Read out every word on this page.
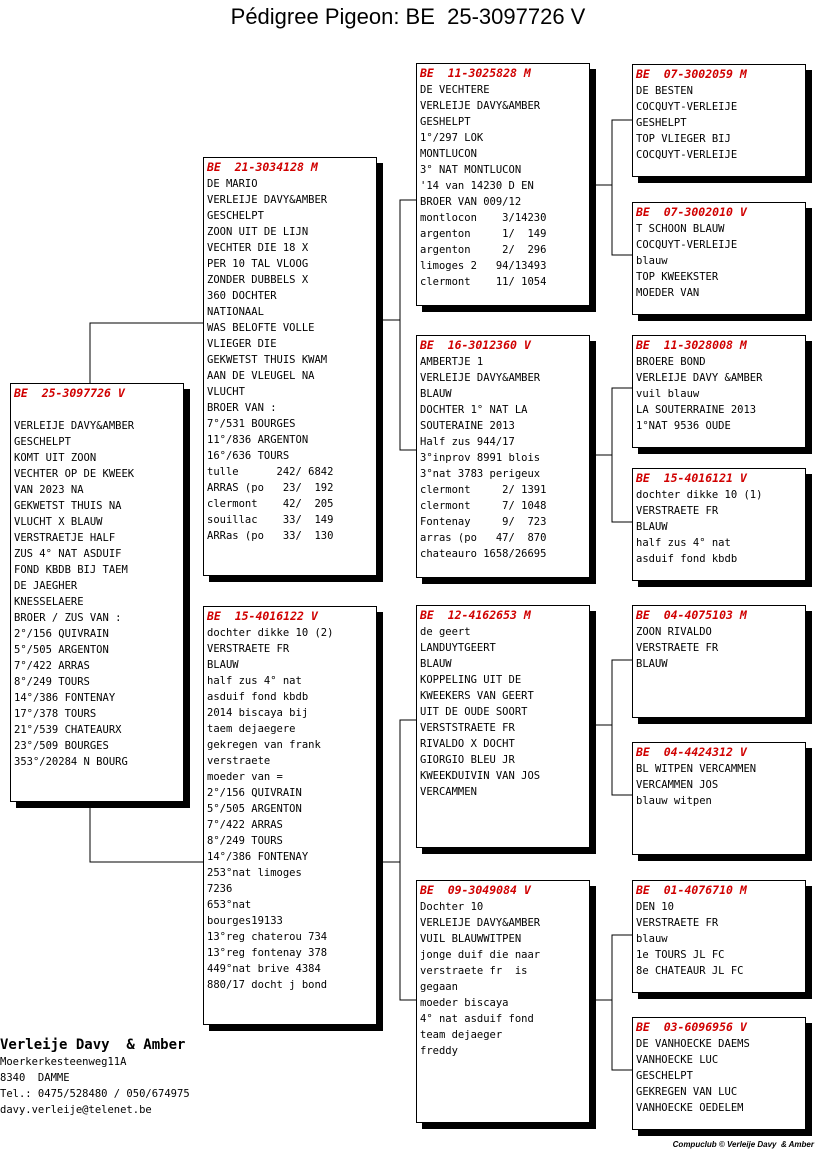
Pédigree Pigeon: BE  25-3097726 V
BE  25-3097726 V
VERLEIJE DAVY&AMBER
GESCHELPT
KOMT UIT ZOON
VECHTER OP DE KWEEK
VAN 2023 NA
GEKWETST THUIS NA
VLUCHT X BLAUW
VERSTRAETJE HALF
ZUS 4° NAT ASDUIF
FOND KBDB BIJ TAEM
DE JAEGHER
KNESSELAERE
BROER / ZUS VAN :
2°/156 QUIVRAIN
5°/505 ARGENTON
7°/422 ARRAS
8°/249 TOURS
14°/386 FONTENAY
17°/378 TOURS
21°/539 CHATEAURX
23°/509 BOURGES
353°/20284 N BOURG
BE  21-3034128 M
DE MARIO
VERLEIJE DAVY&AMBER
GESCHELPT
ZOON UIT DE LIJN
VECHTER DIE 18 X
PER 10 TAL VLOOG
ZONDER DUBBELS X
360 DOCHTER
NATIONAAL
WAS BELOFTE VOLLE
VLIEGER DIE
GEKWETST THUIS KWAM
AAN DE VLEUGEL NA
VLUCHT
BROER VAN :
7°/531 BOURGES
11°/836 ARGENTON
16°/636 TOURS
tulle      242/ 6842
ARRAS (po   23/  192
clermont    42/  205
souillac    33/  149
ARRas (po   33/  130
BE  15-4016122 V
dochter dikke 10 (2)
VERSTRAETE FR
BLAUW
half zus 4° nat
asduif fond kbdb
2014 biscaya bij
taem dejaegere
gekregen van frank
verstraete
moeder van =
2°/156 QUIVRAIN
5°/505 ARGENTON
7°/422 ARRAS
8°/249 TOURS
14°/386 FONTENAY
253°nat limoges
7236
653°nat
bourges19133
13°reg chaterou 734
13°reg fontenay 378
449°nat brive 4384
880/17 docht j bond
BE  11-3025828 M
DE VECHTERE
VERLEIJE DAVY&AMBER
GESHELPT
1°/297 LOK
MONTLUCON
3° NAT MONTLUCON
'14 van 14230 D EN
BROER VAN 009/12
montlocon    3/14230
argenton     1/  149
argenton     2/  296
limoges 2   94/13493
clermont    11/ 1054
BE  16-3012360 V
AMBERTJE 1
VERLEIJE DAVY&AMBER
BLAUW
DOCHTER 1° NAT LA
SOUTERAINE 2013
Half zus 944/17
3°inprov 8991 blois
3°nat 3783 perigeux
clermont     2/ 1391
clermont     7/ 1048
Fontenay     9/  723
arras (po   47/  870
chateauro 1658/26695
BE  12-4162653 M
de geert
LANDUYTGEERT
BLAUW
KOPPELING UIT DE
KWEEKERS VAN GEERT
UIT DE OUDE SOORT
VERSTSTRAETE FR
RIVALDO X DOCHT
GIORGIO BLEU JR
KWEEKDUIVIN VAN JOS
VERCAMMEN
BE  09-3049084 V
Dochter 10
VERLEIJE DAVY&AMBER
VUIL BLAUWWITPEN
jonge duif die naar
verstraete fr  is
gegaan
moeder biscaya
4° nat asduif fond
team dejaeger
freddy
BE  07-3002059 M
DE BESTEN
COCQUYT-VERLEIJE
GESHELPT
TOP VLIEGER BIJ
COCQUYT-VERLEIJE
BE  07-3002010 V
T SCHOON BLAUW
COCQUYT-VERLEIJE
blauw
TOP KWEEKSTER
MOEDER VAN
BE  11-3028008 M
BROERE BOND
VERLEIJE DAVY &AMBER
vuil blauw
LA SOUTERRAINE 2013
1°NAT 9536 OUDE
BE  15-4016121 V
dochter dikke 10 (1)
VERSTRAETE FR
BLAUW
half zus 4° nat
asduif fond kbdb
BE  04-4075103 M
ZOON RIVALDO
VERSTRAETE FR
BLAUW
BE  04-4424312 V
BL WITPEN VERCAMMEN
VERCAMMEN JOS
blauw witpen
BE  01-4076710 M
DEN 10
VERSTRAETE FR
blauw
1e TOURS JL FC
8e CHATEAUR JL FC
BE  03-6096956 V
DE VANHOECKE DAEMS
VANHOECKE LUC
GESCHELPT
GEKREGEN VAN LUC
VANHOECKE OEDELEM
Verleije Davy  & Amber
Moerkerkesteenweg11A
8340  DAMME
Tel.: 0475/528480 / 050/674975
davy.verleije@telenet.be
Compuclub © Verleije Davy  & Amber
